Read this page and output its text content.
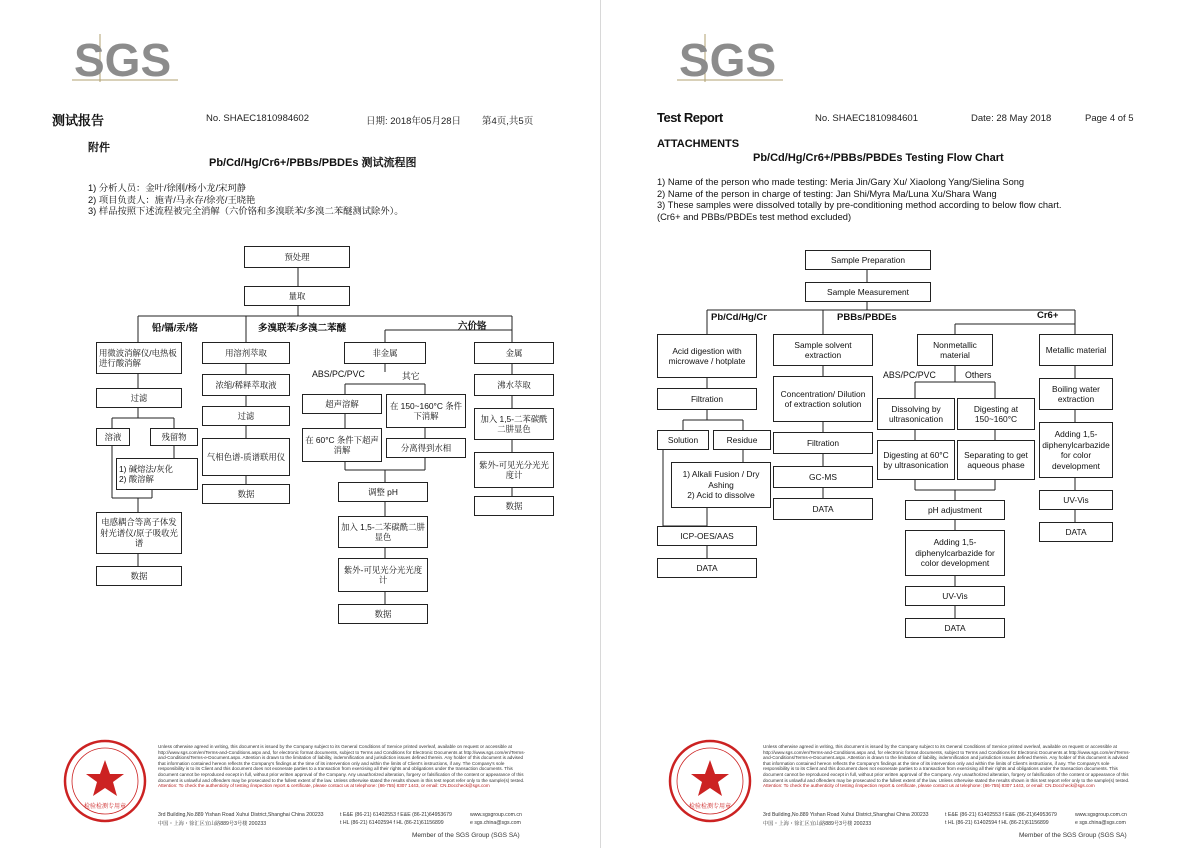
SGS
测试报告	No. SHAEC1810984602	日期: 2018年05月28日 第4页,共5页
附件
Pb/Cd/Hg/Cr6+/PBBs/PBDEs 测试流程图
1) 分析人员：金叶/徐刚/杨小龙/宋珂静
2) 项目负责人：施青/马永存/徐亮/王晓艳
3) 样品按照下述流程被完全消解（六价铬和多溴联苯/多溴二苯醚测试除外）。
预处理
量取
铅/镉/汞/铬	多溴联苯/多溴二苯醚	六价铬
用微波消解仪/电热板进行酸消解
过滤
溶液	残留物
1) 碱熔法/灰化
2) 酸溶解
电感耦合等离子体发射光谱仪/原子吸收光谱
数据
用溶剂萃取
浓缩/稀释萃取液
过滤
气相色谱-质谱联用仪
数据
非金属
ABS/PC/PVC	其它
超声溶解	在 150~160°C 条件下消解
在 60°C 条件下超声消解	分离得到水相
调整 pH
加入 1,5-二苯碳酰二肼显色
紫外-可见光分光光度计
数据
金属
沸水萃取
加入 1,5-二苯碳酰二肼显色
紫外-可见光分光光度计
数据
检验检测专用章
Unless otherwise agreed in writing, this document is issued by the Company subject to its General Conditions of Service printed overleaf, available on request or accessible at http://www.sgs.com/en/Terms-and-Conditions.aspx and, for electronic format documents, subject to Terms and Conditions for Electronic Documents at http://www.sgs.com/en/Terms-and-Conditions/Terms-e-Document.aspx. Attention is drawn to the limitation of liability, indemnification and jurisdiction issues defined therein. Any holder of this document is advised that information contained hereon reflects the Company's findings at the time of its intervention only and within the limits of Client's instructions, if any. The Company's sole responsibility is to its Client and this document does not exonerate parties to a transaction from exercising all their rights and obligations under the transaction documents. This document cannot be reproduced except in full, without prior written approval of the Company. Any unauthorized alteration, forgery or falsification of the content or appearance of this document is unlawful and offenders may be prosecuted to the fullest extent of the law. Unless otherwise stated the results shown in this test report refer only to the sample(s) tested. Attention: To check the authenticity of testing /inspection report & certificate, please contact us at telephone: (86-755) 8307 1443, or email: CN.Doccheck@sgs.com
3rd Building,No.889 Yishan Road Xuhui District,Shanghai China 200233
中国・上海・徐汇区宜山路889号3号楼 200233
t E&E (86-21) 61402553 f E&E (86-21)64953679
t HL (86-21) 61402594 f HL (86-21)61156899
www.sgsgroup.com.cn
e sgs.china@sgs.com
Member of the SGS Group (SGS SA)
SGS
Test Report	No. SHAEC1810984601	Date: 28 May 2018	Page 4 of 5
ATTACHMENTS
Pb/Cd/Hg/Cr6+/PBBs/PBDEs Testing Flow Chart
1) Name of the person who made testing: Meria Jin/Gary Xu/ Xiaolong Yang/Sielina Song
2) Name of the person in charge of testing: Jan Shi/Myra Ma/Luna Xu/Shara Wang
3) These samples were dissolved totally by pre-conditioning method according to below flow chart.
(Cr6+ and PBBs/PBDEs test method excluded)
Sample Preparation
Sample Measurement
Pb/Cd/Hg/Cr	PBBs/PBDEs	Cr6+
Acid digestion with microwave / hotplate
Filtration
Solution	Residue
1) Alkali Fusion / Dry Ashing
2) Acid to dissolve
ICP-OES/AAS
DATA
Sample solvent extraction
Concentration/ Dilution of extraction solution
Filtration
GC-MS
DATA
Nonmetallic material
ABS/PC/PVC	Others
Dissolving by ultrasonication
Digesting at 150~160°C
Digesting at 60°C by ultrasonication
Separating to get aqueous phase
pH adjustment
Adding 1,5-diphenylcarbazide for color development
UV-Vis
DATA
Metallic material
Boiling water extraction
Adding 1,5-diphenylcarbazide for color development
UV-Vis
DATA
检验检测专用章
Unless otherwise agreed in writing, this document is issued by the Company subject to its General Conditions of Service printed overleaf, available on request or accessible at http://www.sgs.com/en/Terms-and-Conditions.aspx and, for electronic format documents, subject to Terms and Conditions for Electronic Documents at http://www.sgs.com/en/Terms-and-Conditions/Terms-e-Document.aspx. Attention is drawn to the limitation of liability, indemnification and jurisdiction issues defined therein. Any holder of this document is advised that information contained hereon reflects the Company's findings at the time of its intervention only and within the limits of Client's instructions, if any. The Company's sole responsibility is to its Client and this document does not exonerate parties to a transaction from exercising all their rights and obligations under the transaction documents. This document cannot be reproduced except in full, without prior written approval of the Company. Any unauthorized alteration, forgery or falsification of the content or appearance of this document is unlawful and offenders may be prosecuted to the fullest extent of the law. Unless otherwise stated the results shown in this test report refer only to the sample(s) tested. Attention: To check the authenticity of testing /inspection report & certificate, please contact us at telephone: (86-755) 8307 1443, or email: CN.Doccheck@sgs.com
3rd Building,No.889 Yishan Road Xuhui District,Shanghai China 200233
中国・上海・徐汇区宜山路889号3号楼 200233
t E&E (86-21) 61402553 f E&E (86-21)64953679
t HL (86-21) 61402594 f HL (86-21)61156899
www.sgsgroup.com.cn
e sgs.china@sgs.com
Member of the SGS Group (SGS SA)
